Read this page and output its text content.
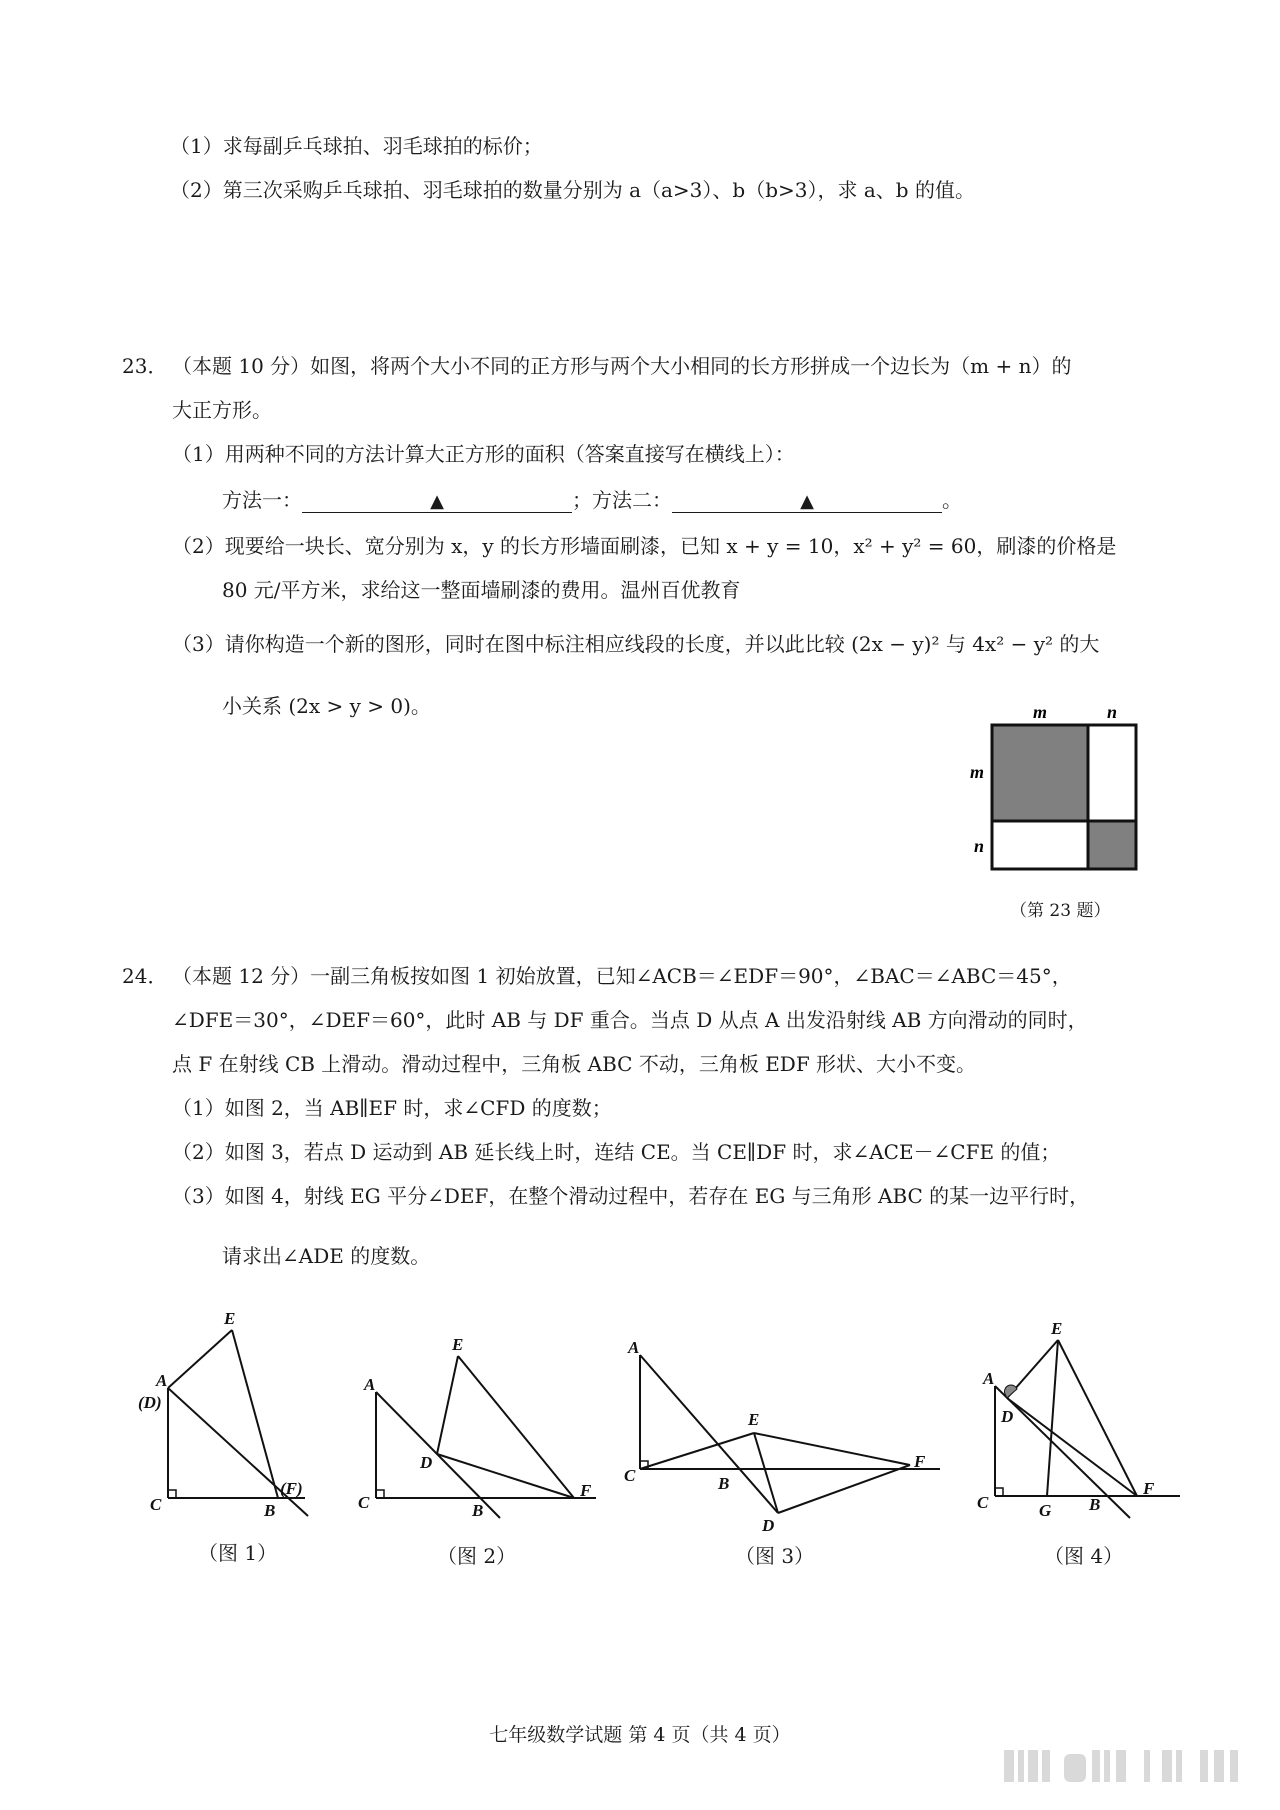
（1）求每副乒乓球拍、羽毛球拍的标价；
（2）第三次采购乒乓球拍、羽毛球拍的数量分别为 a（a>3）、b（b>3），求 a、b 的值。
23． （本题 10 分）如图，将两个大小不同的正方形与两个大小相同的长方形拼成一个边长为（m + n）的
大正方形。
（1）用两种不同的方法计算大正方形的面积（答案直接写在横线上）：
方法一：	▲	；方法二：	▲	。
（2）现要给一块长、宽分别为 x，y 的长方形墙面刷漆，已知 x + y = 10，x² + y² = 60，刷漆的价格是
80 元/平方米，求给这一整面墙刷漆的费用。温州百优教育
（3）请你构造一个新的图形，同时在图中标注相应线段的长度，并以此比较 (2x − y)² 与 4x² − y² 的大
小关系 (2x > y > 0)。	m	n
m
n
（第 23 题）
24． （本题 12 分）一副三角板按如图 1 初始放置，已知∠ACB＝∠EDF＝90°，∠BAC＝∠ABC＝45°，
∠DFE＝30°，∠DEF＝60°，此时 AB 与 DF 重合。当点 D 从点 A 出发沿射线 AB 方向滑动的同时，
点 F 在射线 CB 上滑动。滑动过程中，三角板 ABC 不动，三角板 EDF 形状、大小不变。
（1）如图 2，当 AB∥EF 时，求∠CFD 的度数；
（2）如图 3，若点 D 运动到 AB 延长线上时，连结 CE。当 CE∥DF 时，求∠ACE－∠CFE 的值；
（3）如图 4，射线 EG 平分∠DEF，在整个滑动过程中，若存在 EG 与三角形 ABC 的某一边平行时，
请求出∠ADE 的度数。
A
(D)
E
C	B
(F)
（图 1）
A
D
E
C	B
F
（图 2）
A
E
C	B
D
F
（图 3）
A
D
E
C	G B
F
（图 4）
七年级数学试题 第 4 页（共 4 页）
